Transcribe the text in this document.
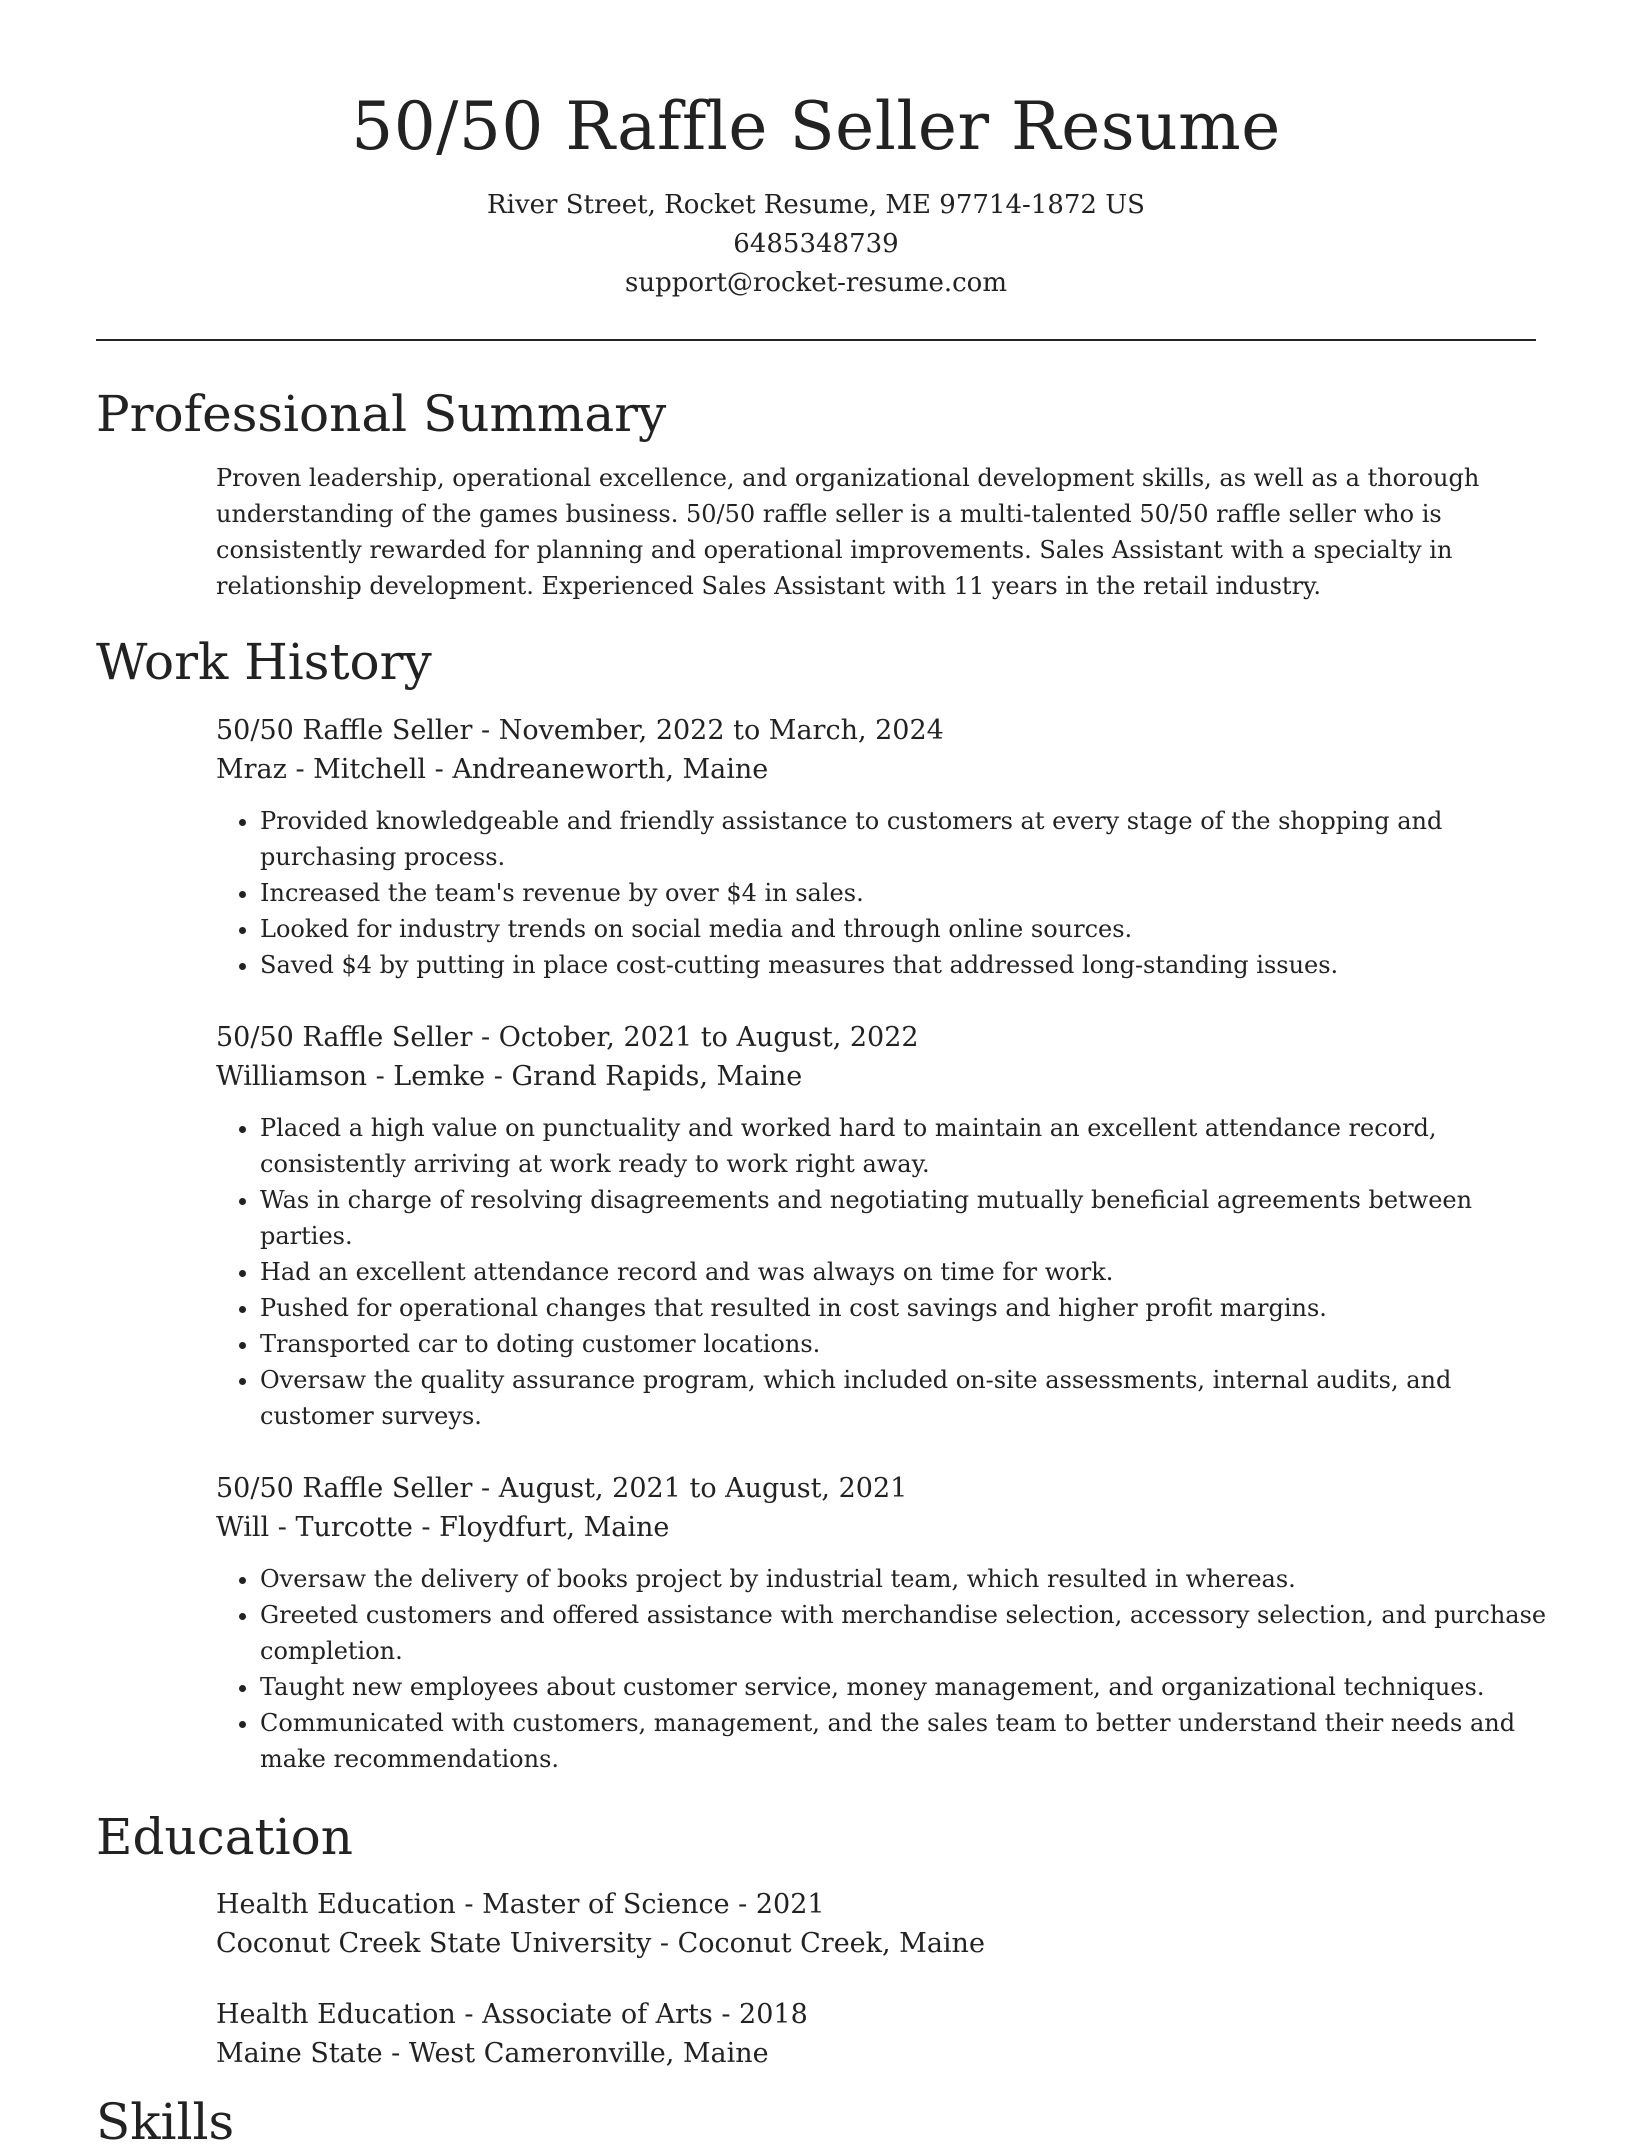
50/50 Raffle Seller Resume
River Street, Rocket Resume, ME 97714-1872 US
6485348739
support@rocket-resume.com
Professional Summary

Proven leadership, operational excellence, and organizational development skills, as well as a thorough understanding of the games business. 50/50 raffle seller is a multi-talented 50/50 raffle seller who is consistently rewarded for planning and operational improvements. Sales Assistant with a specialty in relationship development. Experienced Sales Assistant with 11 years in the retail industry.

Work History
50/50 Raffle Seller - November, 2022 to March, 2024
Mraz - Mitchell - Andreaneworth, Maine
• Provided knowledgeable and friendly assistance to customers at every stage of the shopping and purchasing process.
• Increased the team's revenue by over $4 in sales.
• Looked for industry trends on social media and through online sources.
• Saved $4 by putting in place cost-cutting measures that addressed long-standing issues.
50/50 Raffle Seller - October, 2021 to August, 2022
Williamson - Lemke - Grand Rapids, Maine
• Placed a high value on punctuality and worked hard to maintain an excellent attendance record, consistently arriving at work ready to work right away.
• Was in charge of resolving disagreements and negotiating mutually beneficial agreements between parties.
• Had an excellent attendance record and was always on time for work.
• Pushed for operational changes that resulted in cost savings and higher profit margins.
• Transported car to doting customer locations.
• Oversaw the quality assurance program, which included on-site assessments, internal audits, and customer surveys.
50/50 Raffle Seller - August, 2021 to August, 2021
Will - Turcotte - Floydfurt, Maine
• Oversaw the delivery of books project by industrial team, which resulted in whereas.
• Greeted customers and offered assistance with merchandise selection, accessory selection, and purchase completion.
• Taught new employees about customer service, money management, and organizational techniques.
• Communicated with customers, management, and the sales team to better understand their needs and make recommendations.
Education
Health Education - Master of Science - 2021
Coconut Creek State University - Coconut Creek, Maine
Health Education - Associate of Arts - 2018
Maine State - West Cameronville, Maine
Skills
